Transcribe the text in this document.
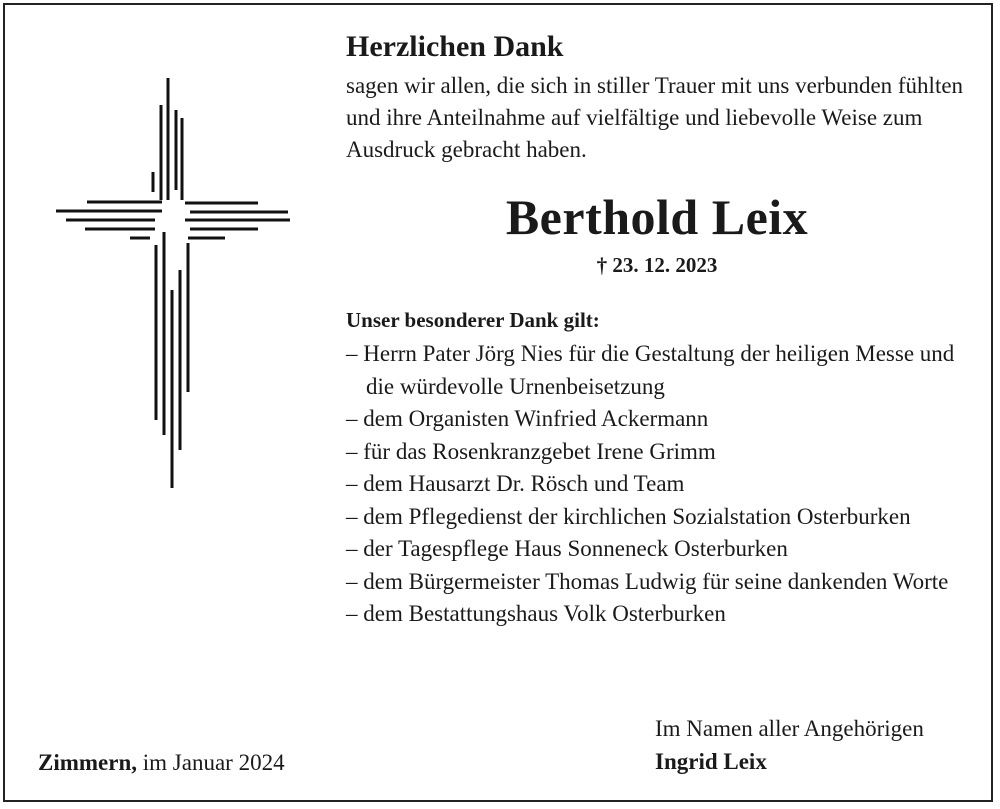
Herzlichen Dank

sagen wir allen, die sich in stiller Trauer mit uns verbunden fühlten und ihre Anteilnahme auf vielfältige und liebevolle Weise zum Ausdruck gebracht haben.

Berthold Leix
† 23. 12. 2023
Unser besonderer Dank gilt:
– Herrn Pater Jörg Nies für die Gestaltung der heiligen Messe und die würdevolle Urnenbeisetzung
– dem Organisten Winfried Ackermann
– für das Rosenkranzgebet Irene Grimm
– dem Hausarzt Dr. Rösch und Team
– dem Pflegedienst der kirchlichen Sozialstation Osterburken
– der Tagespflege Haus Sonneneck Osterburken
– dem Bürgermeister Thomas Ludwig für seine dankenden Worte
– dem Bestattungshaus Volk Osterburken
Zimmern, im Januar 2024
Im Namen aller Angehörigen
Ingrid Leix
